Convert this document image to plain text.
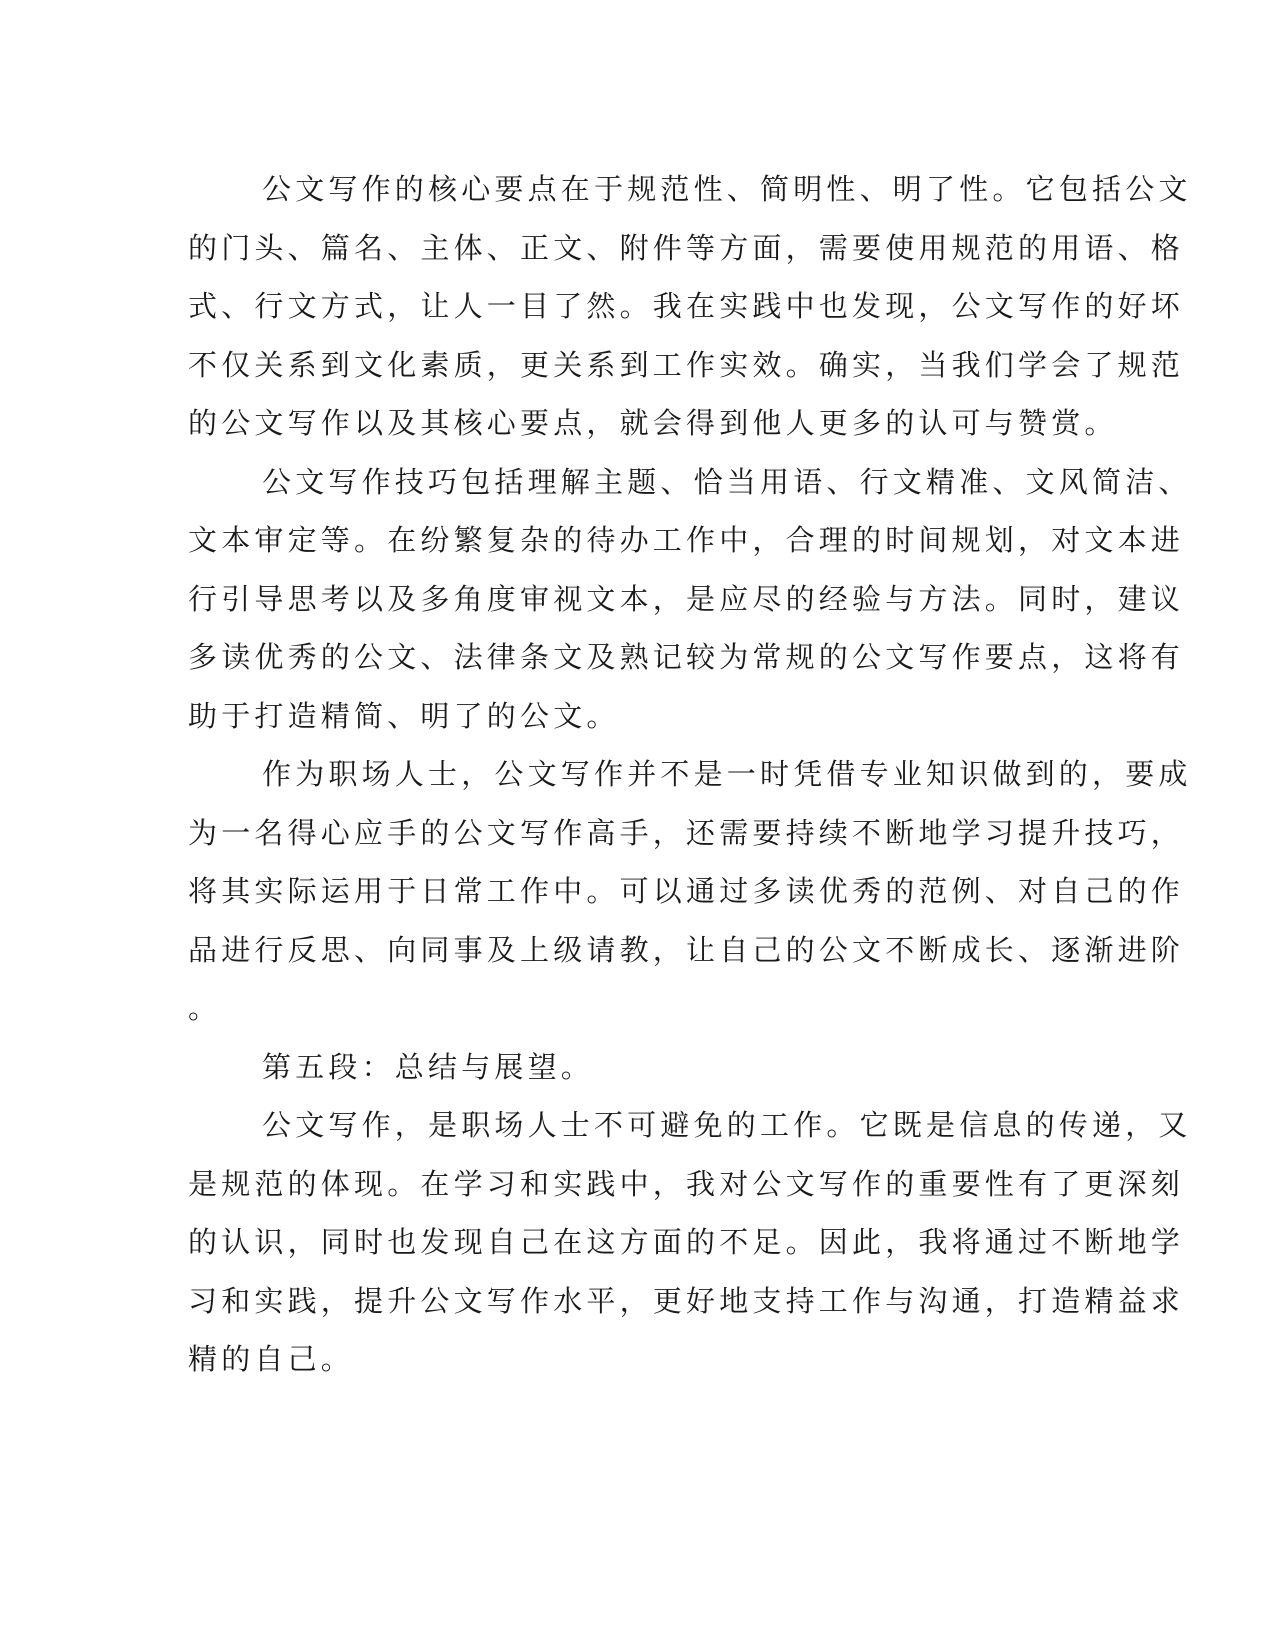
公文写作的核心要点在于规范性、简明性、明了性。它包括公文
的门头、篇名、主体、正文、附件等方面，需要使用规范的用语、格
式、行文方式，让人一目了然。我在实践中也发现，公文写作的好坏
不仅关系到文化素质，更关系到工作实效。确实，当我们学会了规范
的公文写作以及其核心要点，就会得到他人更多的认可与赞赏。
公文写作技巧包括理解主题、恰当用语、行文精准、文风简洁、
文本审定等。在纷繁复杂的待办工作中，合理的时间规划，对文本进
行引导思考以及多角度审视文本，是应尽的经验与方法。同时，建议
多读优秀的公文、法律条文及熟记较为常规的公文写作要点，这将有
助于打造精简、明了的公文。
作为职场人士，公文写作并不是一时凭借专业知识做到的，要成
为一名得心应手的公文写作高手，还需要持续不断地学习提升技巧，
将其实际运用于日常工作中。可以通过多读优秀的范例、对自己的作
品进行反思、向同事及上级请教，让自己的公文不断成长、逐渐进阶
。
第五段：总结与展望。
公文写作，是职场人士不可避免的工作。它既是信息的传递，又
是规范的体现。在学习和实践中，我对公文写作的重要性有了更深刻
的认识，同时也发现自己在这方面的不足。因此，我将通过不断地学
习和实践，提升公文写作水平，更好地支持工作与沟通，打造精益求
精的自己。
